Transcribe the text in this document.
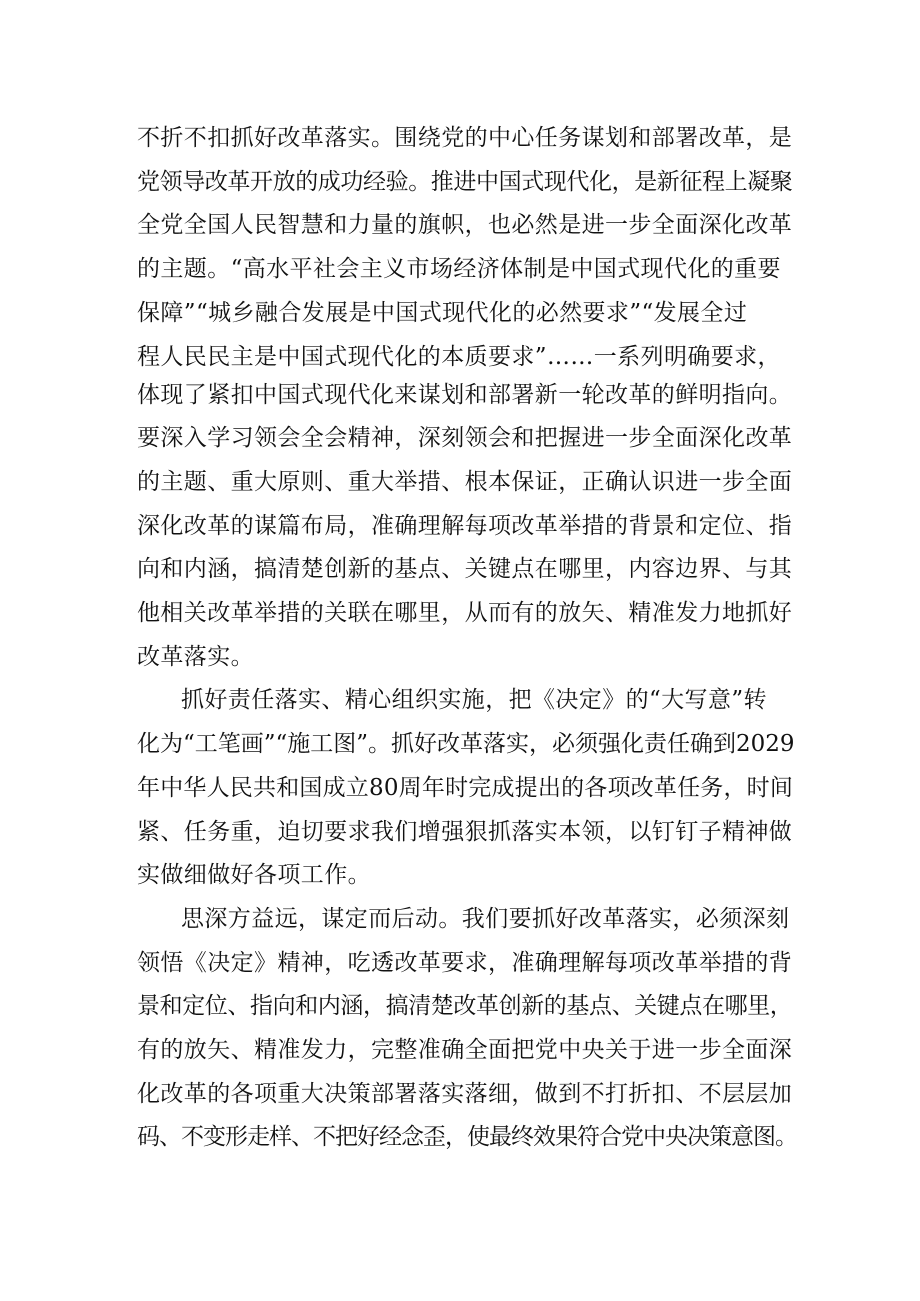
不折不扣抓好改革落实。围绕党的中心任务谋划和部署改革，是
党领导改革开放的成功经验。推进中国式现代化，是新征程上凝聚
全党全国人民智慧和力量的旗帜，也必然是进一步全面深化改革
的主题。“高水平社会主义市场经济体制是中国式现代化的重要
保障”“城乡融合发展是中国式现代化的必然要求”“发展全过
程人民民主是中国式现代化的本质要求”……一系列明确要求，
体现了紧扣中国式现代化来谋划和部署新一轮改革的鲜明指向。
要深入学习领会全会精神，深刻领会和把握进一步全面深化改革
的主题、重大原则、重大举措、根本保证，正确认识进一步全面
深化改革的谋篇布局，准确理解每项改革举措的背景和定位、指
向和内涵，搞清楚创新的基点、关键点在哪里，内容边界、与其
他相关改革举措的关联在哪里，从而有的放矢、精准发力地抓好
改革落实。
抓好责任落实、精心组织实施，把《决定》的“大写意”转
化为“工笔画”“施工图”。抓好改革落实，必须强化责任确到2029
年中华人民共和国成立80周年时完成提出的各项改革任务，时间
紧、任务重，迫切要求我们增强狠抓落实本领，以钉钉子精神做
实做细做好各项工作。
思深方益远，谋定而后动。我们要抓好改革落实，必须深刻
领悟《决定》精神，吃透改革要求，准确理解每项改革举措的背
景和定位、指向和内涵，搞清楚改革创新的基点、关键点在哪里，
有的放矢、精准发力，完整准确全面把党中央关于进一步全面深
化改革的各项重大决策部署落实落细，做到不打折扣、不层层加
码、不变形走样、不把好经念歪，使最终效果符合党中央决策意图。
